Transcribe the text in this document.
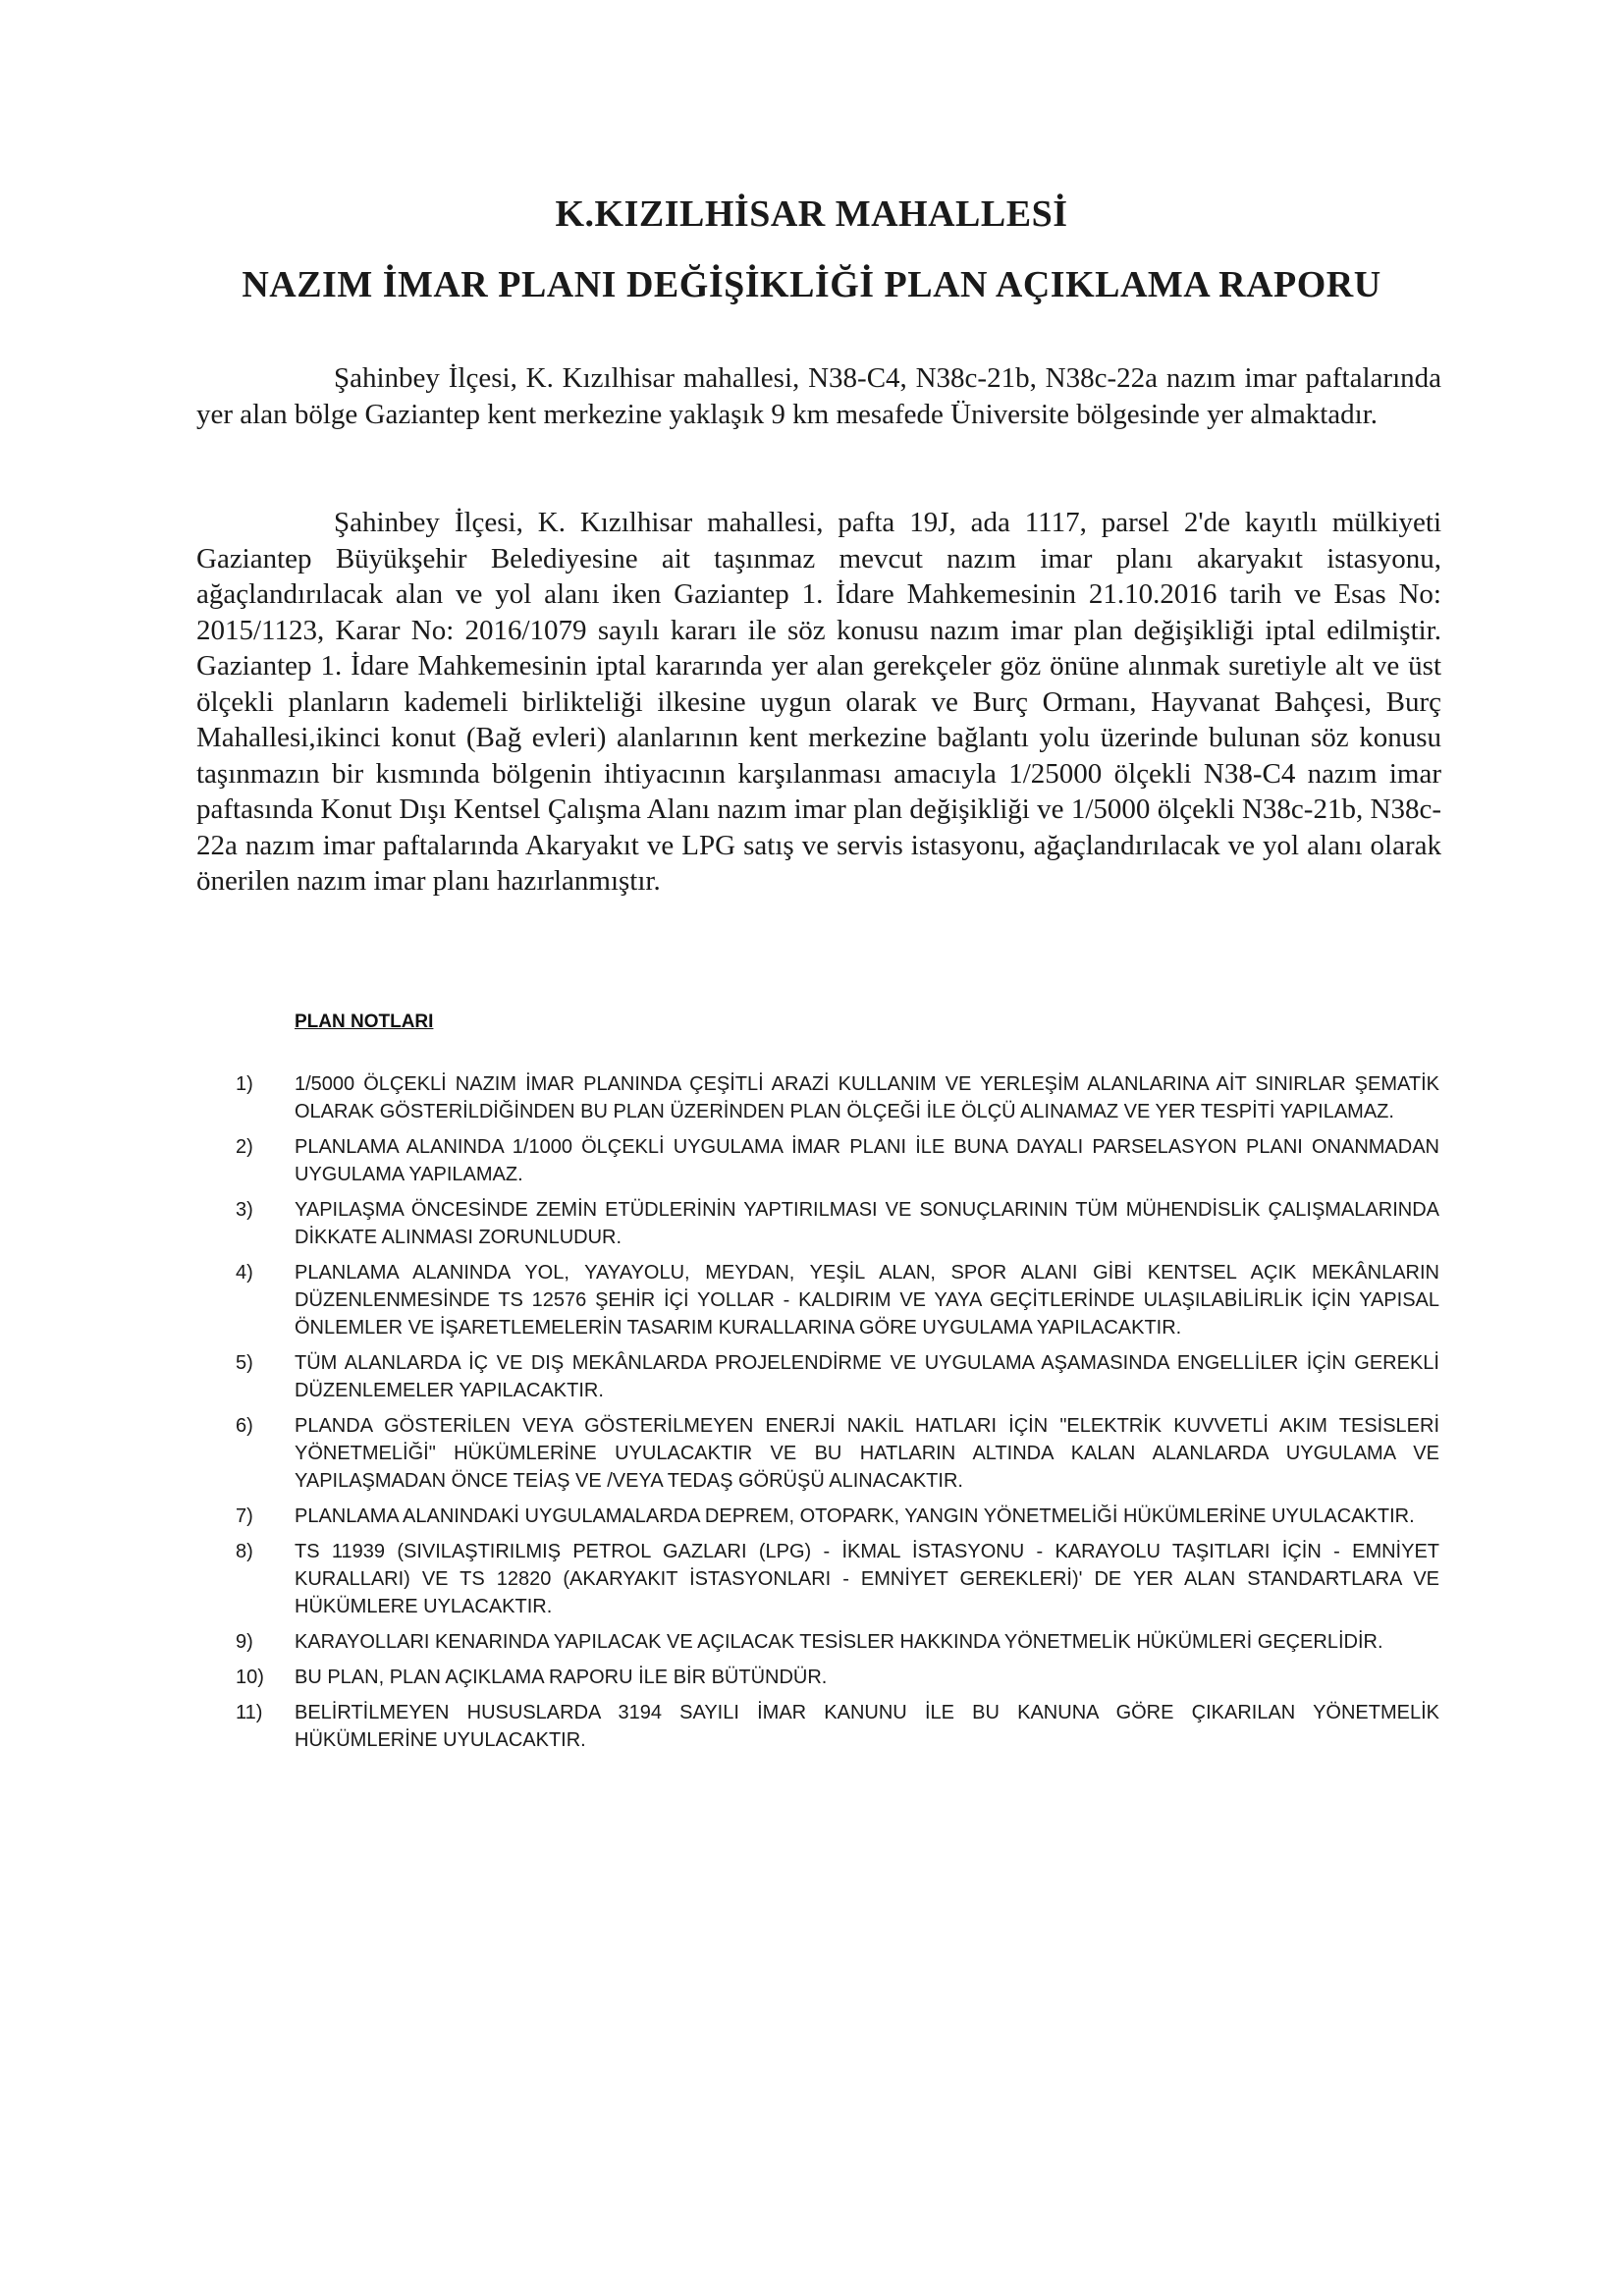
K.KIZILHİSAR MAHALLESİ
NAZIM İMAR PLANI DEĞİŞİKLİĞİ PLAN AÇIKLAMA RAPORU

Şahinbey İlçesi, K. Kızılhisar mahallesi, N38-C4, N38c-21b, N38c-22a nazım imar paftalarında yer alan bölge Gaziantep kent merkezine yaklaşık 9 km mesafede Üniversite bölgesinde yer almaktadır.

Şahinbey İlçesi, K. Kızılhisar mahallesi, pafta 19J, ada 1117, parsel 2'de kayıtlı mülkiyeti Gaziantep Büyükşehir Belediyesine ait taşınmaz mevcut nazım imar planı akaryakıt istasyonu, ağaçlandırılacak alan ve yol alanı iken Gaziantep 1. İdare Mahkemesinin 21.10.2016 tarih ve Esas No: 2015/1123, Karar No: 2016/1079 sayılı kararı ile söz konusu nazım imar plan değişikliği iptal edilmiştir. Gaziantep 1. İdare Mahkemesinin iptal kararında yer alan gerekçeler göz önüne alınmak suretiyle alt ve üst ölçekli planların kademeli birlikteliği ilkesine uygun olarak ve Burç Ormanı, Hayvanat Bahçesi, Burç Mahallesi,ikinci konut (Bağ evleri) alanlarının kent merkezine bağlantı yolu üzerinde bulunan söz konusu taşınmazın bir kısmında bölgenin ihtiyacının karşılanması amacıyla 1/25000 ölçekli N38-C4 nazım imar paftasında Konut Dışı Kentsel Çalışma Alanı nazım imar plan değişikliği ve 1/5000 ölçekli N38c-21b, N38c-22a nazım imar paftalarında Akaryakıt ve LPG satış ve servis istasyonu, ağaçlandırılacak ve yol alanı olarak önerilen nazım imar planı hazırlanmıştır.

PLAN NOTLARI
1)	1/5000 ÖLÇEKLİ NAZIM İMAR PLANINDA ÇEŞİTLİ ARAZİ KULLANIM VE YERLEŞİM ALANLARINA AİT SINIRLAR ŞEMATİK OLARAK GÖSTERİLDİĞİNDEN BU PLAN ÜZERİNDEN PLAN ÖLÇEĞİ İLE ÖLÇÜ ALINAMAZ VE YER TESPİTİ YAPILAMAZ.
2)	PLANLAMA ALANINDA 1/1000 ÖLÇEKLİ UYGULAMA İMAR PLANI İLE BUNA DAYALI PARSELASYON PLANI ONANMADAN UYGULAMA YAPILAMAZ.
3)	YAPILAŞMA ÖNCESİNDE ZEMİN ETÜDLERİNİN YAPTIRILMASI VE SONUÇLARININ TÜM MÜHENDİSLİK ÇALIŞMALARINDA DİKKATE ALINMASI ZORUNLUDUR.
4)	PLANLAMA ALANINDA YOL, YAYAYOLU, MEYDAN, YEŞİL ALAN, SPOR ALANI GİBİ KENTSEL AÇIK MEKÂNLARIN DÜZENLENMESİNDE TS 12576 ŞEHİR İÇİ YOLLAR - KALDIRIM VE YAYA GEÇİTLERİNDE ULAŞILABİLİRLİK İÇİN YAPISAL ÖNLEMLER VE İŞARETLEMELERİN TASARIM KURALLARINA GÖRE UYGULAMA YAPILACAKTIR.
5)	TÜM ALANLARDA İÇ VE DIŞ MEKÂNLARDA PROJELENDİRME VE UYGULAMA AŞAMASINDA ENGELLİLER İÇİN GEREKLİ DÜZENLEMELER YAPILACAKTIR.
6)	PLANDA GÖSTERİLEN VEYA GÖSTERİLMEYEN ENERJİ NAKİL HATLARI İÇİN "ELEKTRİK KUVVETLİ AKIM TESİSLERİ YÖNETMELİĞİ" HÜKÜMLERİNE UYULACAKTIR VE BU HATLARIN ALTINDA KALAN ALANLARDA UYGULAMA VE YAPILAŞMADAN ÖNCE TEİAŞ VE /VEYA TEDAŞ GÖRÜŞÜ ALINACAKTIR.
7)	PLANLAMA ALANINDAKİ UYGULAMALARDA DEPREM, OTOPARK, YANGIN YÖNETMELİĞİ HÜKÜMLERİNE UYULACAKTIR.
8)	TS 11939 (SIVILAŞTIRILMIŞ PETROL GAZLARI (LPG) - İKMAL İSTASYONU - KARAYOLU TAŞITLARI İÇİN - EMNİYET KURALLARI) VE TS 12820 (AKARYAKIT İSTASYONLARI - EMNİYET GEREKLERİ)' DE YER ALAN STANDARTLARA VE HÜKÜMLERE UYLACAKTIR.
9)	KARAYOLLARI KENARINDA YAPILACAK VE AÇILACAK TESİSLER HAKKINDA YÖNETMELİK HÜKÜMLERİ GEÇERLİDİR.
10)	BU PLAN, PLAN AÇIKLAMA RAPORU İLE BİR BÜTÜNDÜR.
11)	BELİRTİLMEYEN HUSUSLARDA 3194 SAYILI İMAR KANUNU İLE BU KANUNA GÖRE ÇIKARILAN YÖNETMELİK HÜKÜMLERİNE UYULACAKTIR.
